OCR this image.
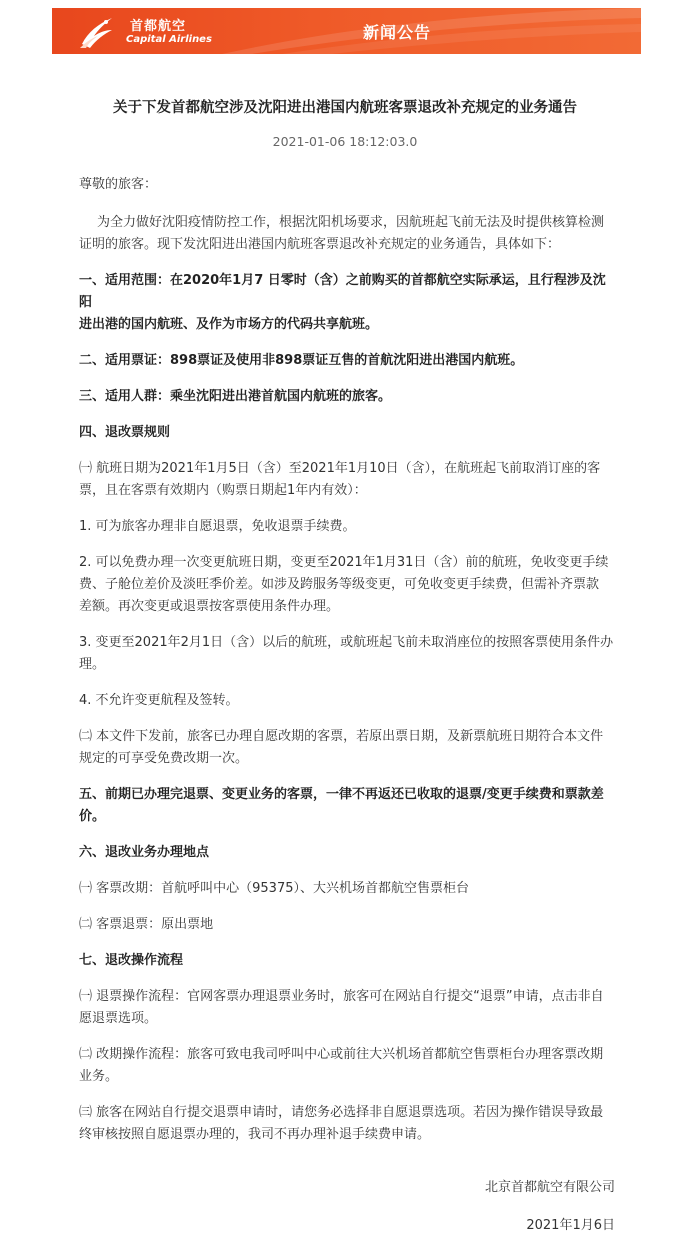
首都航空
Capital Airlines	新闻公告
关于下发首都航空涉及沈阳进出港国内航班客票退改补充规定的业务通告
2021-01-06 18:12:03.0

尊敬的旅客：

为全力做好沈阳疫情防控工作，根据沈阳机场要求，因航班起飞前无法及时提供核算检测
证明的旅客。现下发沈阳进出港国内航班客票退改补充规定的业务通告，具体如下：

一、适用范围：在2020年1月7 日零时（含）之前购买的首都航空实际承运，且行程涉及沈阳
进出港的国内航班、及作为市场方的代码共享航班。

二、适用票证：898票证及使用非898票证互售的首航沈阳进出港国内航班。

三、适用人群：乘坐沈阳进出港首航国内航班的旅客。

四、退改票规则

㈠ 航班日期为2021年1月5日（含）至2021年1月10日（含），在航班起飞前取消订座的客
票，且在客票有效期内（购票日期起1年内有效）：

1. 可为旅客办理非自愿退票，免收退票手续费。

2. 可以免费办理一次变更航班日期，变更至2021年1月31日（含）前的航班，免收变更手续
费、子舱位差价及淡旺季价差。如涉及跨服务等级变更，可免收变更手续费，但需补齐票款
差额。再次变更或退票按客票使用条件办理。

3. 变更至2021年2月1日（含）以后的航班，或航班起飞前未取消座位的按照客票使用条件办
理。

4. 不允许变更航程及签转。

㈡ 本文件下发前，旅客已办理自愿改期的客票，若原出票日期，及新票航班日期符合本文件
规定的可享受免费改期一次。

五、前期已办理完退票、变更业务的客票，一律不再返还已收取的退票/变更手续费和票款差
价。

六、退改业务办理地点

㈠ 客票改期：首航呼叫中心（95375）、大兴机场首都航空售票柜台

㈡ 客票退票：原出票地

七、退改操作流程

㈠ 退票操作流程：官网客票办理退票业务时，旅客可在网站自行提交“退票”申请，点击非自
愿退票选项。

㈡ 改期操作流程：旅客可致电我司呼叫中心或前往大兴机场首都航空售票柜台办理客票改期
业务。

㈢ 旅客在网站自行提交退票申请时，请您务必选择非自愿退票选项。若因为操作错误导致最
终审核按照自愿退票办理的，我司不再办理补退手续费申请。

北京首都航空有限公司
2021年1月6日
